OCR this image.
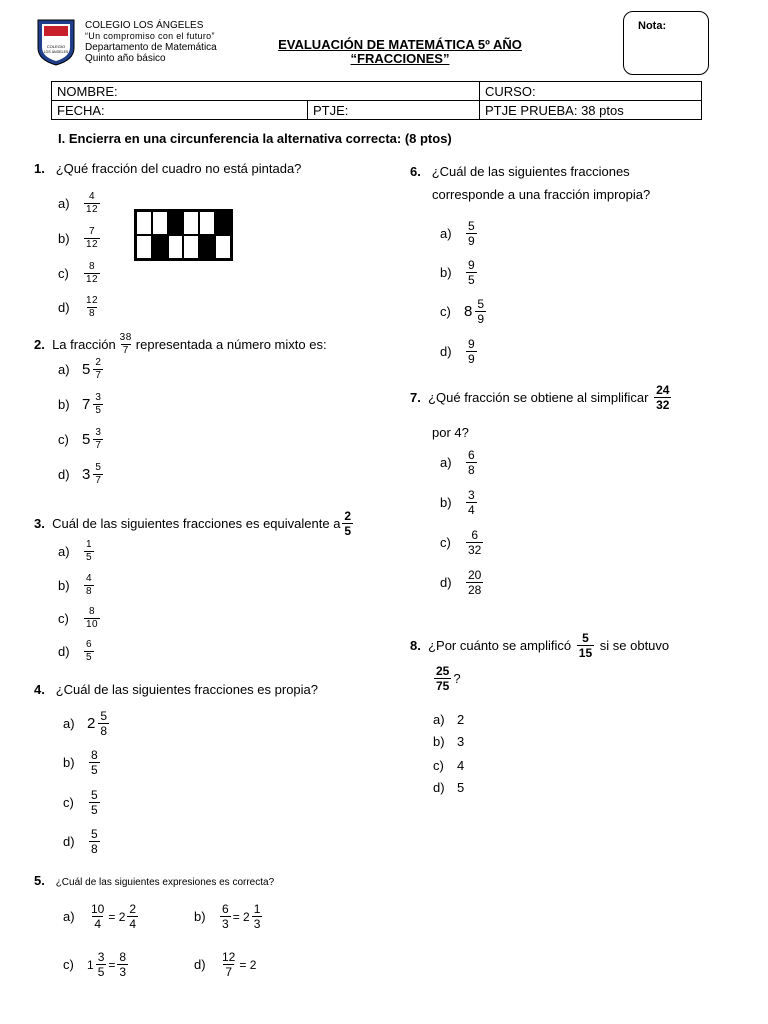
COLEGIO
LOS ÁNGELES
COLEGIO LOS ÁNGELES
“Un compromiso con el futuro”
Departamento de Matemática
Quinto año básico
EVALUACIÓN DE MATEMÁTICA 5º AÑO
“FRACCIONES”
Nota:
NOMBRE:		CURSO:
FECHA:	PTJE:	PTJE PRUEBA: 38 ptos
I. Encierra en una circunferencia la alternativa correcta: (8 ptos)
1. ¿Qué fracción del cuadro no está pintada?
a)	$\frac{4}{12}$
b)	$\frac{7}{12}$
c)	$\frac{8}{12}$
d)	$\frac{12}{8}$
2.
La fracción $\frac{38}{7}$ representada a número mixto es:
a) $5 \frac{2}{7}$
b) $7 \frac{3}{5}$
c) $5 \frac{3}{7}$
d) $3 \frac{5}{7}$
3.
Cuál de las siguientes fracciones es equivalente a $\frac{2}{5}$
a)	$\frac{1}{5}$
b)	$\frac{4}{8}$
c)	$\frac{8}{10}$
d)	$\frac{6}{5}$
4. ¿Cuál de las siguientes fracciones es propia?
a) $2 \frac{5}{8}$
b)	$\frac{8}{5}$
c)	$\frac{5}{5}$
d)	$\frac{5}{8}$
5. ¿Cuál de las siguientes expresiones es correcta?
a)	$\frac{10}{4} = 2 \frac{2}{4}$	b)	$\frac{6}{3} = 2 \frac{1}{3}$
c)	$1 \frac{3}{5} = \frac{8}{3}$	d)	$\frac{12}{7} = 2$
6. ¿Cuál de las siguientes fracciones
corresponde a una fracción impropia?
a)	$\frac{5}{9}$
b)	$\frac{9}{5}$
c) $8 \frac{5}{9}$
d)	$\frac{9}{9}$
7.
¿Qué fracción se obtiene al simplificar
$\frac{24}{32}$
por 4?
a)	$\frac{6}{8}$
b)	$\frac{3}{4}$
c)	$\frac{6}{32}$
d)	$\frac{20}{28}$
8.
¿Por cuánto se amplificó
$\frac{5}{15}$
si se obtuvo
$\frac{25}{75}$ ?
a) 2
b) 3
c)	4
d) 5
